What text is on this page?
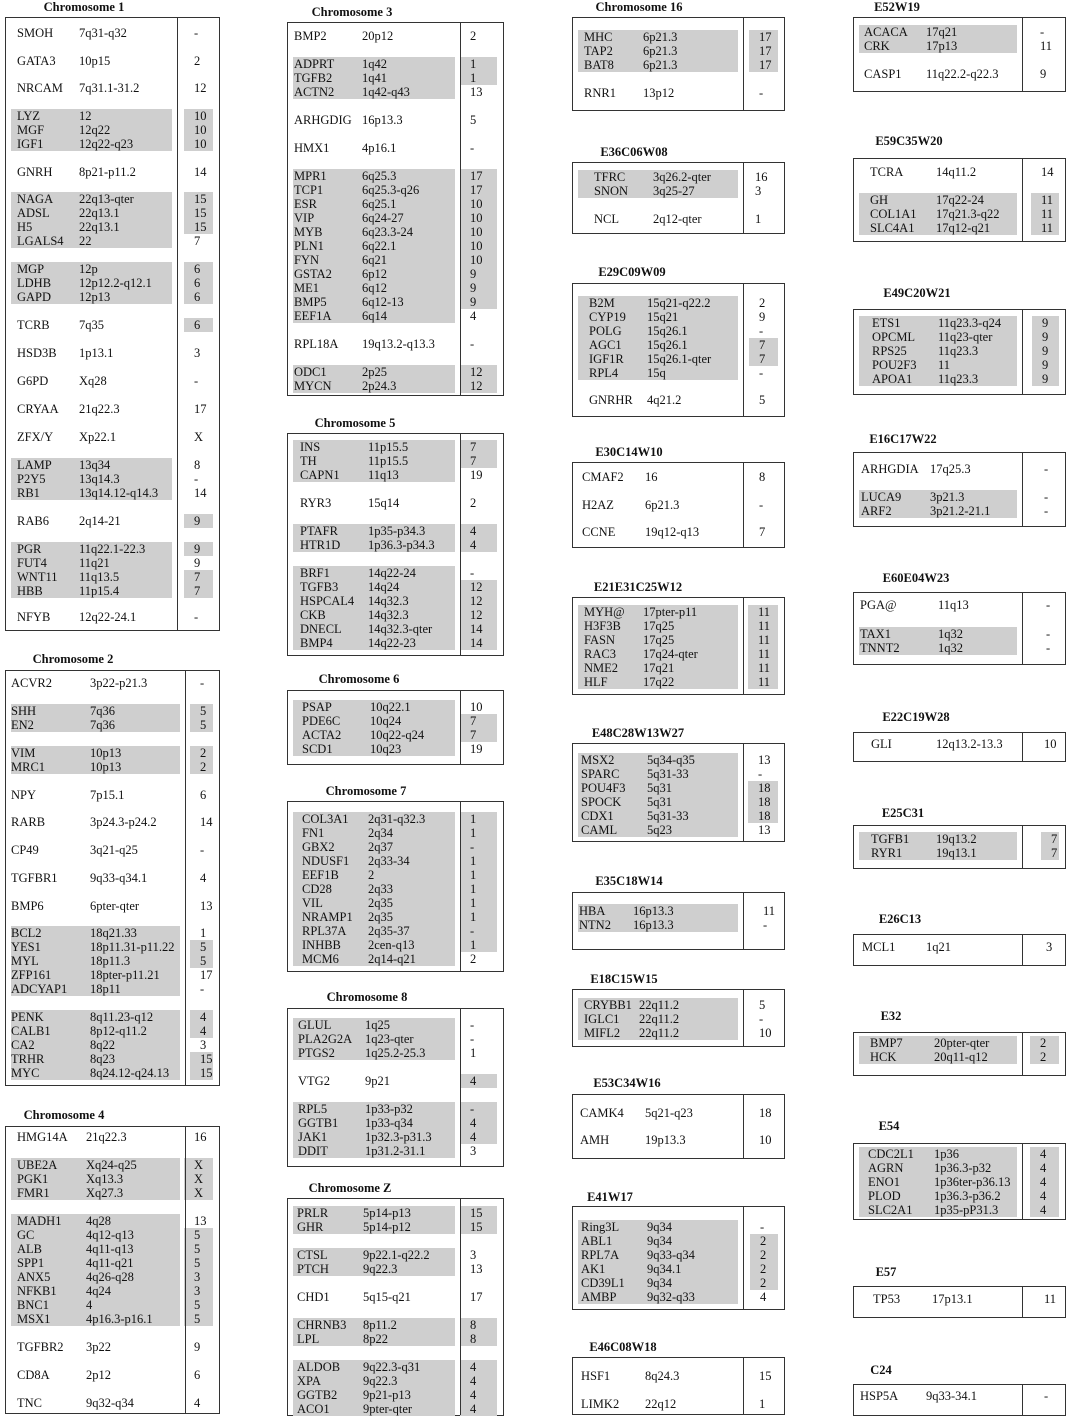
Chromosome 1
SMOH 7q31-q32	-
GATA3 10p15	2
NRCAM 7q31.1-31.2	12
LYZ	12	10
MGF	12q22	10
IGF1	12q22-q23	10
GNRH 8p21-p11.2	14
NAGA 22q13-qter	15
ADSL 22q13.1	15
H5	22q13.1	15
LGALS4 22	7
MGP	12p	6
LDHB 12p12.2-q12.1	6
GAPD 12p13	6
TCRB 7q35	6
HSD3B 1p13.1	3
G6PD Xq28	-
CRYAA 21q22.3	17
ZFX/Y Xp22.1	X
LAMP 13q34	8
P2Y5	13q14.3	-
RB1	13q14.12-q14.3	14
RAB6 2q14-21	9
PGR	11q22.1-22.3	9
FUT4	11q21	9
WNT11 11q13.5	7
HBB	11p15.4	7
NFYB 12q22-24.1	-
Chromosome 2
ACVR2	3p22-p21.3	-
SHH	7q36	5
EN2	7q36	5
VIM	10p13	2
MRC1	10p13	2
NPY	7p15.1	6
RARB	3p24.3-p24.2	14
CP49	3q21-q25	-
TGFBR1	9q33-q34.1	4
BMP6	6pter-qter	13
BCL2	18q21.33	1
YES1	18p11.31-p11.22 5
MYL	18p11.3	5
ZFP161	18pter-p11.21	17
ADCYAP1 18p11	-
PENK	8q11.23-q12	4
CALB1	8p12-q11.2	4
CA2	8q22	3
TRHR	8q23	15
MYC	8q24.12-q24.13 15
Chromosome 4
HMG14A 21q22.3	16
UBE2A Xq24-q25	X
PGK1	Xq13.3	X
FMR1	Xq27.3	X
MADH1 4q28	13
GC	4q12-q13	5
ALB	4q11-q13	5
SPP1	4q11-q21	5
ANX5	4q26-q28	3
NFKB1 4q24	3
BNC1	4	5
MSX1	4p16.3-p16.1	5
TGFBR2 3p22	9
CD8A	2p12	6
TNC	9q32-q34	4
Chromosome 3
BMP2	20p12	2
ADPRT 1q42	1
TGFB2 1q41	1
ACTN2 1q42-q43	13
ARHGDIG 16p13.3	5
HMX1	4p16.1	-
MPR1	6q25.3	17
TCP1	6q25.3-q26	17
ESR	6q25.1	10
VIP	6q24-27	10
MYB	6q23.3-24	10
PLN1	6q22.1	10
FYN	6q21	10
GSTA2 6p12	9
ME1	6q12	9
BMP5	6q12-13	9
EEF1A 6q14	4
RPL18A 19q13.2-q13.3	-
ODC1	2p25	12
MYCN 2p24.3	12
Chromosome 5
INS	11p15.5	7
TH	11p15.5	7
CAPN1 11q13	19
RYR3	15q14	2
PTAFR 1p35-p34.3	4
HTR1D 1p36.3-p34.3	4
BRF1	14q22-24	-
TGFB3 14q24	12
HSPCAL4 14q32.3	12
CKB	14q32.3	12
DNECL 14q32.3-qter	14
BMP4	14q22-23	14
Chromosome 6
PSAP	10q22.1	10
PDE6C 10q24	7
ACTA2 10q22-q24	7
SCD1	10q23	19
Chromosome 7
COL3A1 2q31-q32.3	1
FN1	2q34	1
GBX2	2q37	-
NDUSF1 2q33-34	1
EEF1B 2	1
CD28	2q33	1
VIL	2q35	1
NRAMP1 2q35	1
RPL37A 2q35-37	-
INHBB 2cen-q13	1
MCM6 2q14-q21	2
Chromosome 8
GLUL	1q25	-
PLA2G2A 1q23-qter	-
PTGS2 1q25.2-25.3	1
VTG2	9p21	4
RPL5	1p33-p32	-
GGTB1 1p33-q34	4
JAK1	1p32.3-p31.3	4
DDIT	1p31.2-31.1	3
Chromosome Z
PRLR	5p14-p13	15
GHR	5p14-p12	15
CTSL	9p22.1-q22.2	3
PTCH	9q22.3	13
CHD1	5q15-q21	17
CHRNB3 8p11.2	8
LPL	8p22	8
ALDOB 9q22.3-q31	4
XPA	9q22.3	4
GGTB2 9p21-p13	4
ACO1	9pter-qter	4
Chromosome 16
MHC 6p21.3	17
TAP2 6p21.3	17
BAT8 6p21.3	17
RNR1 13p12	-
E36C06W08
TFRC 3q26.2-qter	16
SNON 3q25-27	3
NCL	2q12-qter	1
E29C09W09
B2M	15q21-q22.2	2
CYP19 15q21	9
POLG 15q26.1	-
AGC1 15q26.1	7
IGF1R 15q26.1-qter	7
RPL4 15q	-
GNRHR 4q21.2	5
E30C14W10
CMAF2 16	8
H2AZ 6p21.3	-
CCNE 19q12-q13	7
E21E31C25W12
MYH@ 17pter-p11	11
H3F3B 17q25	11
FASN 17q25	11
RAC3 17q24-qter	11
NME2 17q21	11
HLF	17q22	11
E48C28W13W27
MSX2	5q34-q35	13
SPARC 5q31-33	-
POU4F3 5q31	18
SPOCK 5q31	18
CDX1	5q31-33	18
CAML 5q23	13
E35C18W14
HBA 16p13.3	11
NTN2 16p13.3	-
E18C15W15
CRYBB1 22q11.2	5
IGLC1 22q11.2	-
MIFL2 22q11.2	10
E53C34W16
CAMK4 5q21-q23	18
AMH	19p13.3	10
E41W17
Ring3L 9q34	-
ABL1	9q34	2
RPL7A 9q33-q34	2
AK1	9q34.1	2
CD39L1 9q34	2
AMBP 9q32-q33	4
E46C08W18
HSF1	8q24.3	15
LIMK2 22q12	1
E52W19
ACACA 17q21	-
CRK	17p13	11
CASP1 11q22.2-q22.3	9
E59C35W20
TCRA	14q11.2	14
GH	17q22-24	11
COL1A1 17q21.3-q22	11
SLC4A1 17q12-q21	11
E49C20W21
ETS1	11q23.3-q24	9
OPCML 11q23-qter	9
RPS25	11q23.3	9
POU2F3 11	9
APOA1 11q23.3	9
E16C17W22
ARHGDIA 17q25.3	-
LUCA9 3p21.3	-
ARF2	3p21.2-21.1	-
E60E04W23
PGA@	11q13	-
TAX1	1q32	-
TNNT2	1q32	-
E22C19W28
GLI	12q13.2-13.3	10
E25C31
TGFB1 19q13.2	7
RYR1	19q13.1	7
E26C13
MCL1 1q21	3
E32
BMP7	20pter-qter	2
HCK	20q11-q12	2
E54
CDC2L1 1p36	4
AGRN 1p36.3-p32	4
ENO1	1p36ter-p36.13 4
PLOD	1p36.3-p36.2	4
SLC2A1 1p35-pP31.3	4
E57
TP53	17p13.1	11
C24
HSP5A 9q33-34.1	-
